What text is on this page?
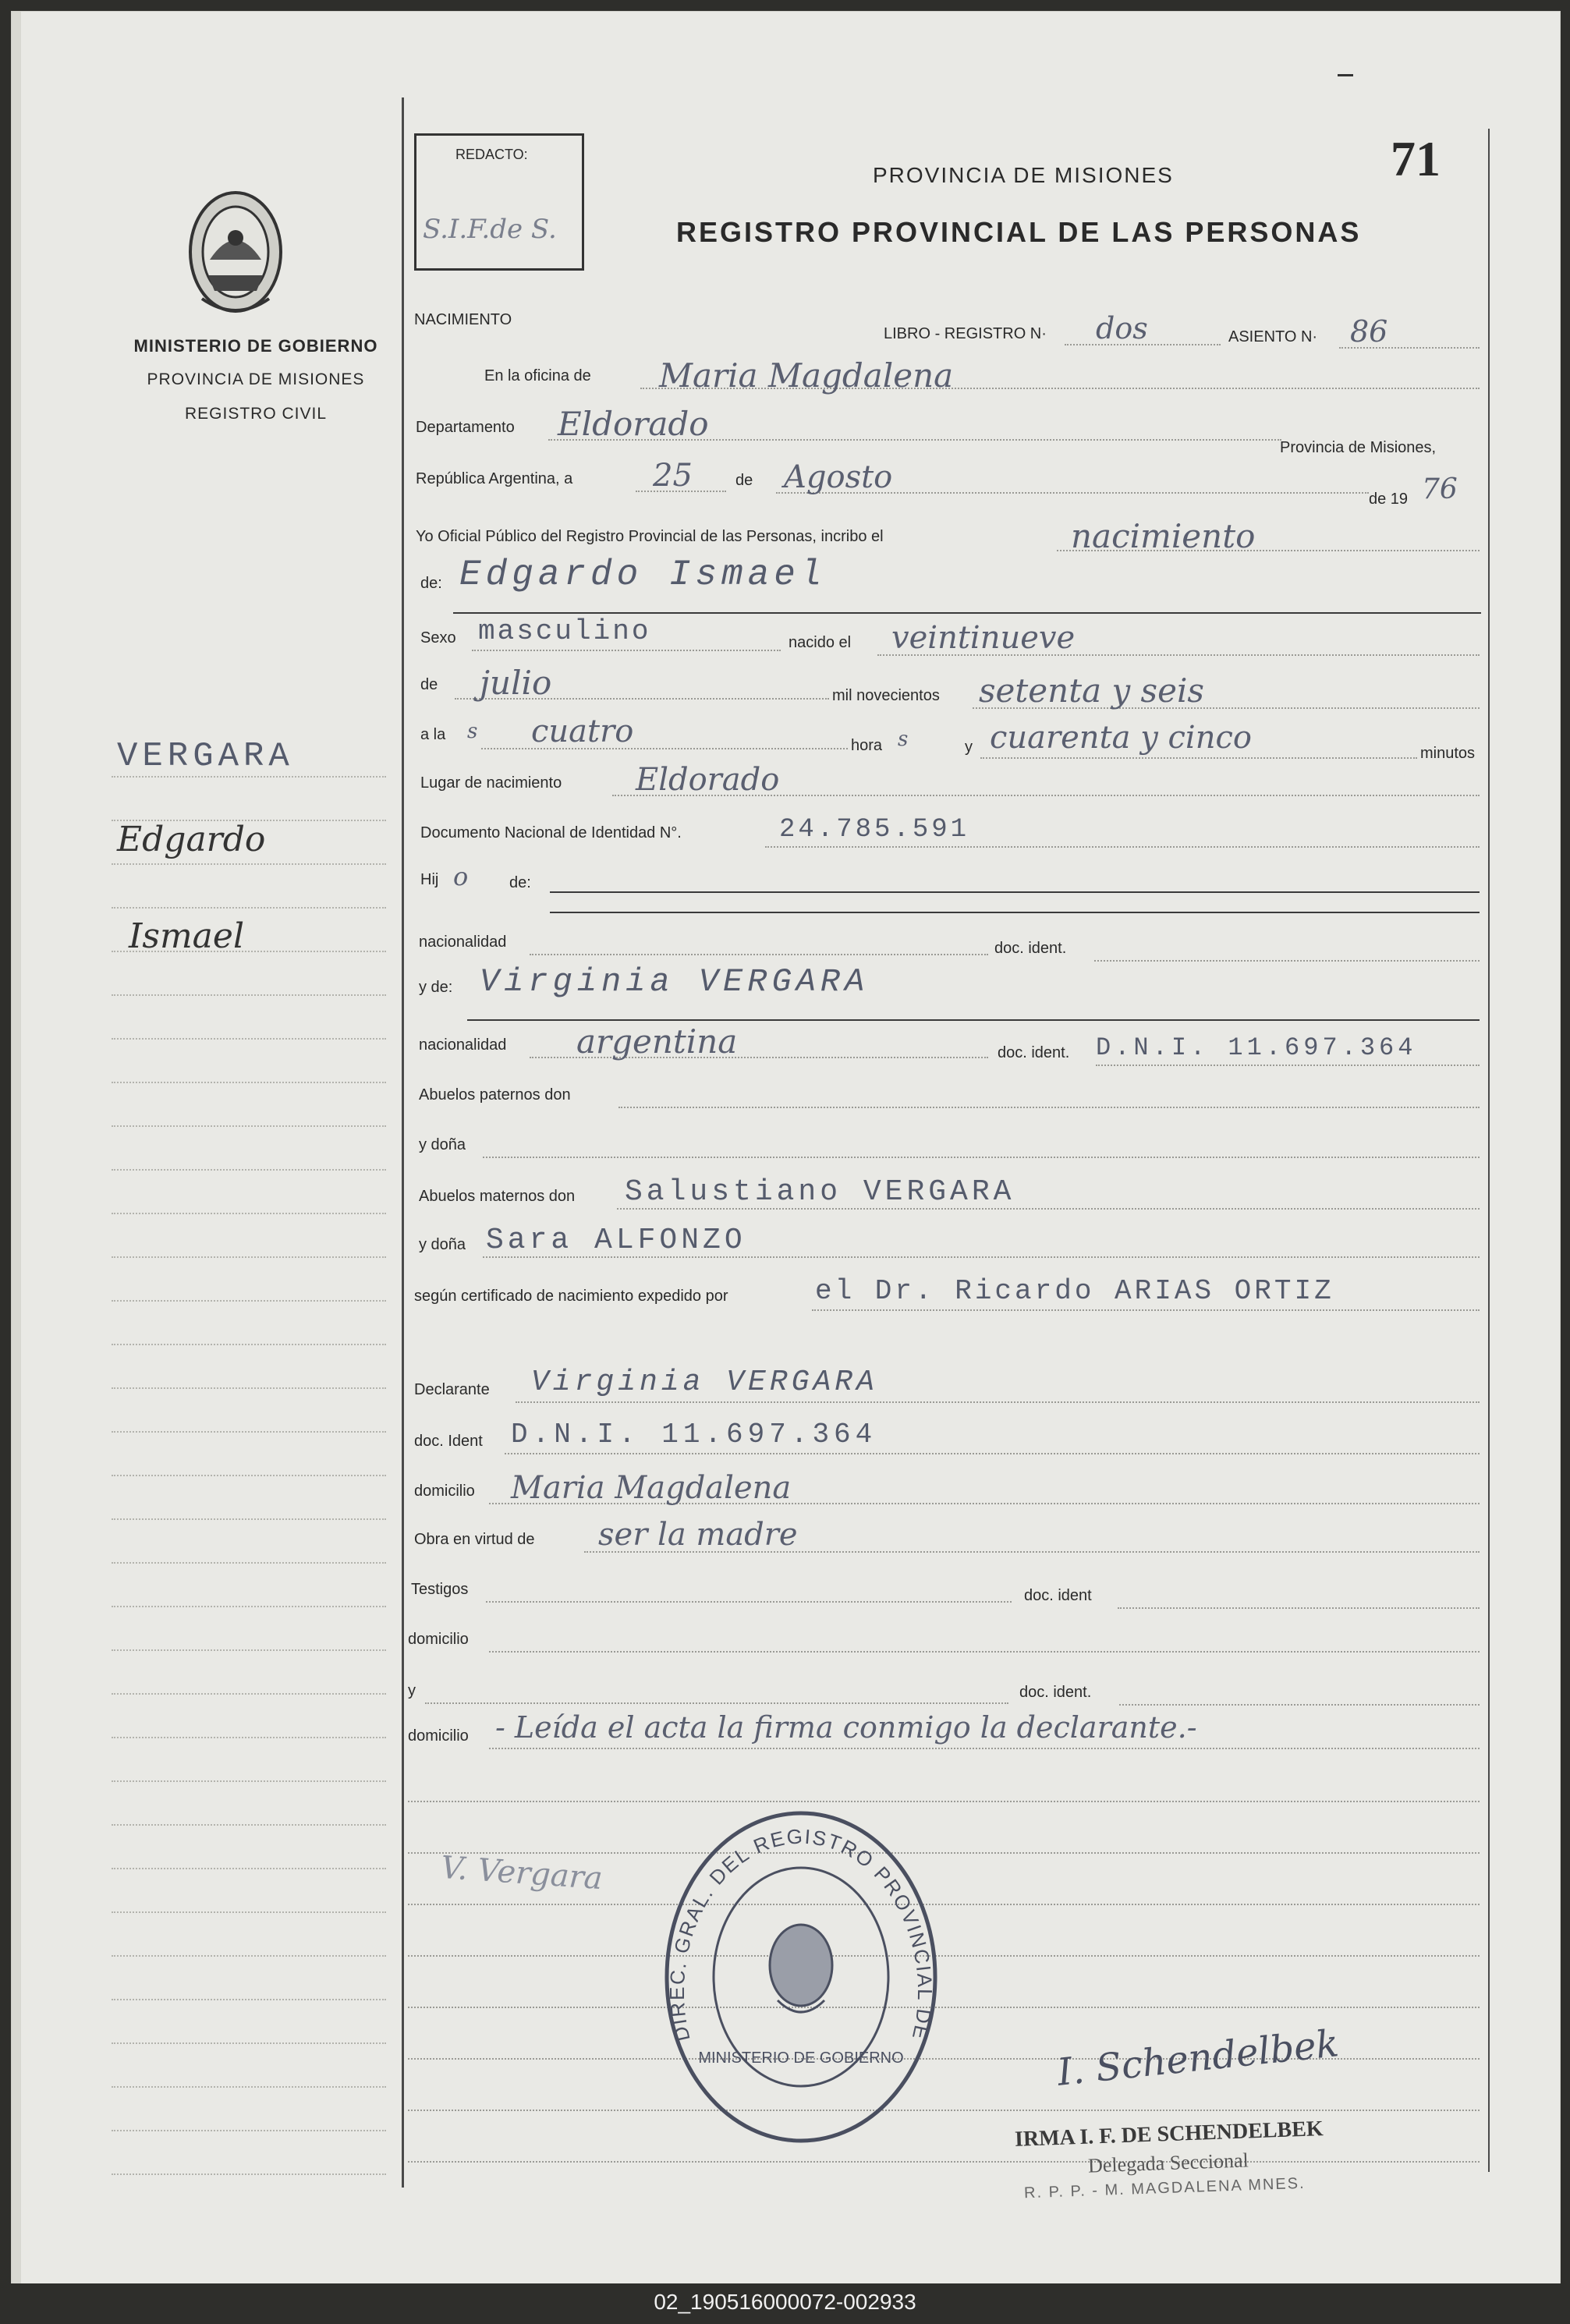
MINISTERIO DE GOBIERNO
PROVINCIA DE MISIONES
REGISTRO CIVIL
VERGARA
Edgardo
Ismael
REDACTO:
S.I.F.de S.
PROVINCIA DE MISIONES
REGISTRO PROVINCIAL DE LAS PERSONAS
71
NACIMIENTO
LIBRO - REGISTRO N· dos	ASIENTO N· 86
En la oficina de Maria Magdalena
Departamento Eldorado
Provincia de Misiones,
República Argentina, a	25	de Agosto
de 19 76
Yo Oficial Público del Registro Provincial de las Personas, incribo el	nacimiento
de: Edgardo Ismael
Sexo masculino	nacido el veintinueve
de julio	mil novecientos setenta y seis
a la s cuatro	hora s	y cuarenta y cinco	minutos
Lugar de nacimiento Eldorado
Documento Nacional de Identidad N°.	24.785.591
Hij o	de:
nacionalidad	doc. ident.
y de: Virginia VERGARA
nacionalidad argentina	doc. ident. D.N.I. 11.697.364
Abuelos paternos don
y doña
Abuelos maternos don Salustiano VERGARA
y doña Sara ALFONZO
según certificado de nacimiento expedido por	el Dr. Ricardo ARIAS ORTIZ
Declarante Virginia VERGARA
doc. Ident D.N.I. 11.697.364
domicilio Maria Magdalena
Obra en virtud de ser la madre
Testigos	doc. ident
domicilio
y	doc. ident.
domicilio - Leída el acta la firma conmigo la declarante.-
V. Vergara
DIREC. GRAL. DEL REGISTRO PROVINCIAL DE
MINISTERIO DE GOBIERNO	I. Schendelbek
IRMA I. F. DE SCHENDELBEK
Delegada Seccional
R. P. P. - M. MAGDALENA MNES.
02_190516000072-002933
